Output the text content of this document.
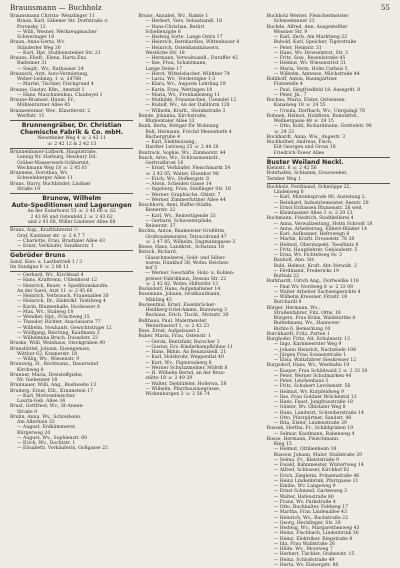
Braunsmann — Buchholz	55
Braunsmann Christa- Wenzlinger 11
Braun, Karl, Säbener Str. Dorfstraße ⊙
Poronsky 12
— Willi, Wesner, Werkzeugmacher
Schweringer 18
Braun, Anna-Gerta, Wv.
Ständerler Weg 30
— Kurt, Hpt. Stubbensteiner Str. 21
Brauns, Ehefr., Elena, Hartz.Enz.
Radeimer 31
— Siegfr., Wv., Rathauser 24
Braunsch, Arzt, Auto-Vermietung,
Weber-Leibnzg. 1 ☏ 24788
— Martel, Tischler, Fischgrund 4
Braune, Gustav, Kfm., Amstalt 1
— Hans, Maschinenbau, Clauheyel 1
Braune-Bramsel, Hanni, Fr.,
Mühlenturner Allee 45
Braunesteiner, Wer., Künstlerstr. 2
Werftstr. 11
Brunnengräber, Dr. Christian
Chemische Fabrik & Co. mbH.
Neuerkeler Weg 4 ☏ 2 42 11
☏ 2 42 12 & 2 42 13
Brunnenbauer-Lidbork, Hauptstraße,
Lennig Nr. Harburg, Heisbury Dd.
Gräber-Wasserwerk-Gräbermit,
Weckmann Weg 18 ☏ 2 45 01
Brunnens, Dorothea, Wv.
Schweinberger Allee 11
Bruns, Harry, Buchbinder, Lindner
Straße 19
Brunow, Wilhelm
Auto-Speditionen und Lagerungen
An der Eulerhorst 55 ☏ 2 45 66 u. 62
2 43 66 und Ostenfeld 2 ☏ 2 43 62
und 2 43 68, Willer Lindener Allee 68
Bruns, Aug., Kraftfahrerist ☉
Graf, Kantsner str. ☏ 2 4.7 7
— Charlotte, Frau, Brudtaler Allee 43
— Ernst, Verkäufer, Sendlerstr. 1
Gebrüder Bruns
Sand, Kies- u. Lastbetrieb 1 / 3
Im Sundgau 6 ☏ 2 88 11
— Gerhard, Wv., Kirchbast 4
— Hans, Kraftrenn, Uhlenhorst 12
— Heinrich, Bauer, + Speditionskaufm.
An der Sarei, Arzt 11 ☏ 2 45 66
— Heinrich, Verbrauch, Frauenallee 30
— Heinrich, Dr., Elektrikf. Textilweg 4
— Karin, Blumenhalle, Hockessor 8
— Max, Wv., Stalweg 18
— Wendler, Hpt., Frischweg 15
— Theodor, Richter, Anaclasiarie 77
— Wilhelm, Neuhaufs, Gewichtstrape 12
— Wolfgang, Reiching, Kaufmann 3
— Wilhelmina Bruch. Dusselstr. 23
Bruske, Willi, Weinhaus, Steckgraben 90
Brunsbüttel, Johann, Eisengenuss,
Wittbor 62, Kramerstr. 18
— Willig, Wv., Wiesenstr. 9
Brunswig, H., Rechtsann., Dauerwind
Kirchweg 8
Brunner, Maria, Dreisteffgiebe,
Nr. Giebenner 18
Brunnauer, Willi, Ang., Bushweite 13
Bruderg. Ernst, Elb., Kraunstein 17
— Karl, Motivenbeischer,
Laurin-Geb. Allee 34
Brust, Gottfried, Wv., St-Annen-
Straße 9
Bruhn, Anna, Wv., Schreibeim.
Am Allerhain 33
— August, Erdkämmerer,
Bürgerweg 20
— August, Wv., Sophienstr. 60
— Erich, Wv., Dochtstr. 1
— Elisabeth, Vorkäuferin, Gollgasse 23
Brune, Annabel, Wv., Ramte 1
— Herbert, Vers. Sebastiandl. 18
— Hans-Christian, Betürt
Schellenzgde 8
— Hedwig Sorte, Lange Ostra 17
— Heinrich, Bernhardiss, Wittenbauer 8
— Heinrich, Ostenhanshäusern,
Westliche Str. 18
— Hermann, Verwaltsandl., Duraffer 42
— Ilse, Frau, Schatzmann,
Lange Deine 17
— Horst, Wittelsbacher, Wildtner 74
— Lucia, Wv., Vorderzigne 1-3
— Klara, Wv., Auguste Lehrling 29
— Karin, Frau, Wettingen 18
— Maria, Wv., Fronhallezeng 11
— Mathilde, Frauenschen, Uzemdel 12
— Rudolf, Wv., An der Dahlform 128
— Wilhelm, Kraftl., Steinkstraße 3
Bunde, Johanna, Kirchstraße,
Blumentaler Allee 33
Bunk, Berta, Böttger für Wohnung
Bull, Hermann, Fröchd Meiendorfe 4
Bachergrube 4
— Karl, Elektnoisang.,
Hardter Letzweg 25 ☏ 2 44 20
Buntrock, Sophie, Wv., Zimmerstr. 44
Busch, Arno, Wv., Schlossmennstr.,
Gertrudbrost 16
— Ernst, Verkäufer, Fleischmarkt 54
☏ 2 42 05, Walter, Elsenbor 98
— Erich, Wv., Hofbergstr. 8
— Alwin, Scheiden Gasse 14
— Ingeborg, Frau, Sindlinger Str. 18
— Werner, Graphische, Ohlstr. 7
— Werner, Zimmerfuttner Allee 44
Buschhorn, Anni, Buffer-Städte,
Bienerstr. 22
— Karl, Wv., Reinertigende 33
— Gerhard, Schwesterpfade,
Reinerstr. 37
Buchta, Anton, Baumeister-Großfirm,
Großraummeister, Tetracidrand 47
☏ 2 47 85, Wilhelm, Dagmatingasse 3
Busse, Hans, Landkrst., Schatzau 18
Butsch, Richard,
Glasschmelzerei, Gold- und Silber-
waren, Dunkhof 38, Wohn: Reichen-
hof 5
— Werner, Geschäfte, Holz- u. Kohlen-
preiser-Fabrikhaus, Dessau Str. 22
☏ 2 42 82, Wohn: Hilltorfer 13
Bucksdorf, Hans, Aufgehaltener 14
Bussmann, Johann, Großkaufmann,
Mähling 45
Buckenthal, Ernst, Eisenbrücker-
Heidberg-Griel-Amme, Buntsweg 3
Buchaux, Erich, Tischl., Motzstr. 30
Bulthaus, Paul, Malermeister,
Weiterbastorf 1, ☏ 2 42 23
Buss, Ernst, Aufgelausst 2
Buber, Maria, Frau, Ostenstr. 1
— Gerda, Bentzfahr, Burscher 3
— Gustav, Erz.-Kinderkampfbühne 11
— Hans, Bkhm. An Benatzsiedl. 21
— Karl, Holzhrohr, Weppenflat 40
— Kurt, Wv., Pigmirsoberg 8
— Werner Schutzzmelner, Mölrdt 8
— H. Wilhelm Bernd, an der Brau-
stätte 18 ☏ 2 49 29
— Walter, Dieblüfeler, Hoferwa. 58
— Wilhelm, Pfarrhausiuegrasse,
Wickenburgen 3 ☏ 2 56 74
Buchholz Werner, Fleischermeister
Schneeminner 23
Buchde, Alfred, Ann. Ausgestellter
Wessner Str. 9
— Karl, Zech, Am Marktweg 22
Buhold, Karl, Speicher, Tigerstraße
— Peter, Heimstr. 31
— Hans, Wv. Drosselstrst. Str. 3
— Fritz, Sow., Besenlstraße 45
— Helmut, Wv. Wiesenstrist 31
— Maria, Verm. Holm Carbsis 5
— Wilhelm, Amtesse, Milchstraße 44
Buhlkoff, Anton, Baumgärtner,
Flutsetelle 4
— Paul, Siegfriedfeld 18, Ausegrdt. 8
— Peter, Jk., 7
Buchau, Maria, Elster, Ostwiesen-
Kanalweg 18 ☏ 24 55
— Ursula, Dorfbach, Wv., Unrquingl 78
Buhnek, Helmut, Holzfrein. Rudolsfrst.,
Wellnergasse 48 ☏ 24 15
— Otto, Kohl, Richardmann, Grettelstr. 98
☏ 24 33
Buckhardt, Anna, Ww., Angestr. 3
Buchhofner, Andreas, Fisch,
Eilt Georgen und Gross 18
Friedrich-Tower Allee
Buster Weiland Neckl.
Kleinstr. 8 ☏ 2 42 56
Rohrhafen, Schlamm, Grossweber,
Ternber Weg 1
Buchholz, Ferdinand, Schmöppe 22,
Lindenweg 8
— Karl, Mutenbsprode 80, Austelung 2,
— Reinhard, Industriemeister, Seestr. 28
— Ernst Erzlassen Blumenstr. 26 weit
— Kleinfassner Allee 3 ☏ 2 29 23
Buchmann, Friedrich, Stadtkellerei 4
— Anna, Verwallzeitung, Hotm Schrodt 18
— Anna, Arbeiterzug, Eilbert-Blinker 14
— Karl, Aufbanner, Hefrswegn 8
— Martin, Kraftl. Drosselstr. 76 38
— Helmut, Oberinspekt. Teesfüntz 8
— Fritz, Hauptlehrer, Gebäudestr. 5
— Erna, Wv. Fichtelweg Sv. 3
Bauholt, Ann. Str.
Buhl, Helmut, Kraft. Abt.-Verwalt. 2
— Ferdinand, Fredericks 19
Burbalz 22
Burkhardt, Ulrich Ang., Dorfweilke 118
— Paul Wv. Nordweg 8 ☏ 2 33 08
— Walter Arbeiter Sachsengerichte 4
— Wilhelm Kressner, Fitzstr. 18
Burchardi 9
Bürger, Hermann, Wv.,
Straßenfahrer, Fitz, Ottw. 18
Bürgers, Frau Krins, Waldstatthe 8
Burkelmann, Wv., Hannover-
Richte 6, Bemerkung 10
Burckhardt, Fritz, Parten 1
Burghofer, Fritz, Alt, Schulenstr. 13
— Ingo, Karnmeerster Weg 9
— Johann Heinrich, Nachstiefe 108
— Jürgen Frau Sonnenstraße 1
— Elisa. Waltzfahrer Sieskreiser 12
Burgsdorf, Hans, Wv., Westbahn 19
— Kasper, Frau Schildwald 2 ☏ 2 33 38
— Peter, Werner Schulmarken 44
— Peter, Leichenhaus 3
— Fritz, Schubert Lerchenstr. 56
— Helmut, Wv. Kurpfeldweg 9
— Ilse, Frau Goldner Brückental 13
— Hans, Faust, Jungfraustraße 18
— Günter, Wv. Ohlstaler Weg 8
— Hans, Landwirt, Schreiberstraße 14
— Otto, Pfarrgärtner, Sandstr. 48
— Rita, Elster, Lindenstraße 39
Bussek, Hertha, Fr., Schildgraben 19
— Selmar, Kaufmann, Rabenweg 4
Busse, Hermann, Fleischmann,
Ring 15
— Helmut, Ottilienheim 18
Bussow, Johann, Maler, Stallstraße 29
— Selma, Fr., Kleiststraße 9
— Ewald, Bahnmeister, Wintertweg 14
— Alfred, Schlosser, Kirchhof 62
— Erich, Zieglerm. Prinzenstraße 46
— Heinz Lindenbrink, Pfarrgasse 11
— Emilie, Wv. Langeweg 9
— Ernst Schmied, Gartenweg 3
— Walter, Hafenstraße 80
— Franz, Wv. Parkstraße 4
— Otto, Buchhalter, Feldweg 17
— Martha, Frau Lindenallee 43
— Heinrich, Wv., Bachstraße 22
— Georg, Heckfinger, Str. 28
— Hedwig, Wv., Margarethenweg 43
— Heinz, Fischbach, Lindenbrink 36
— Heinz, Elektriker, Ringstraße 8
— Ida, Frau Wallstraße 26
— Hilde, Wv., Moorweg 7
— Herbert, Tischler, Grabenstr. 15
— Heinz, Schloßstraße 49
— Herta, Wv. Elsbergstr. 80
